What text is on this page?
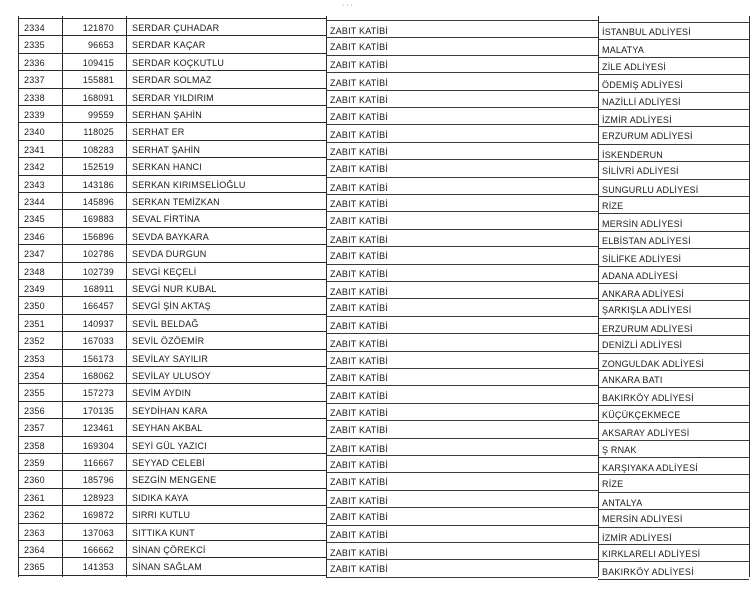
· · ·
2334	121870 SERDAR ÇUHADAR	ZABIT KATİBİ	İSTANBUL ADLİYESİ
2335	96653 SERDAR KAÇAR	ZABIT KATİBİ	MALATYA
2336	109415 SERDAR KOÇKUTLU	ZABIT KATİBİ	ZİLE ADLİYESİ
2337	155881 SERDAR SOLMAZ	ZABIT KATİBİ	ÖDEMİŞ ADLİYESİ
2338	168091 SERDAR YILDIRIM	ZABIT KATİBİ	NAZİLLİ ADLİYESİ
2339	99559 SERHAN ŞAHİN	ZABIT KATİBİ	İZMİR ADLİYESİ
2340	118025 SERHAT ER	ZABIT KATİBİ	ERZURUM ADLİYESİ
2341	108283 SERHAT ŞAHİN	ZABIT KATİBİ	İSKENDERUN
2342	152519 SERKAN HANCI	ZABIT KATİBİ	SİLİVRİ ADLİYESİ
2343	143186 SERKAN KIRIMSELİOĞLU	ZABIT KATİBİ	SUNGURLU ADLİYESİ
2344	145896 SERKAN TEMİZKAN	ZABIT KATİBİ	RİZE
2345	169883 SEVAL FİRTİNA	ZABIT KATİBİ	MERSİN ADLİYESİ
2346	156896 SEVDA BAYKARA	ZABIT KATİBİ	ELBİSTAN ADLİYESİ
2347	102786 SEVDA DURGUN	ZABIT KATİBİ	SİLİFKE ADLİYESİ
2348	102739 SEVGİ KEÇELİ	ZABIT KATİBİ	ADANA ADLİYESİ
2349	168911 SEVGİ NUR KUBAL	ZABIT KATİBİ	ANKARA ADLİYESİ
2350	166457 SEVGİ ŞİN AKTAŞ	ZABIT KATİBİ	ŞARKIŞLA ADLİYESİ
2351	140937 SEVİL BELDAĞ	ZABIT KATİBİ	ERZURUM ADLİYESİ
2352	167033 SEVİL ÖZÖEMİR	ZABIT KATİBİ	DENİZLİ ADLİYESİ
2353	156173 SEVİLAY SAYILIR	ZABIT KATİBİ	ZONGULDAK ADLİYESİ
2354	168062 SEVİLAY ULUSOY	ZABIT KATİBİ	ANKARA BATI
2355	157273 SEVİM AYDIN	ZABIT KATİBİ	BAKIRKÖY ADLİYESİ
2356	170135 SEYDİHAN KARA	ZABIT KATİBİ	KÜÇÜKÇEKMECE
2357	123461 SEYHAN AKBAL	ZABIT KATİBİ	AKSARAY ADLİYESİ
2358	169304 SEYİ GÜL YAZICI	ZABIT KATİBİ	Ş RNAK
2359	116667 SEYYAD CELEBİ	ZABIT KATİBİ	KARŞIYAKA ADLİYESİ
2360	185796 SEZGİN MENGENE	ZABIT KATİBİ	RİZE
2361	128923 SIDIKA KAYA	ZABIT KATİBİ	ANTALYA
2362	169872 SIRRI KUTLU	ZABIT KATİBİ	MERSİN ADLİYESİ
2363	137063 SITTIKA KUNT	ZABIT KATİBİ	İZMİR ADLİYESİ
2364	166662 SİNAN ÇÖREKCİ	ZABIT KATİBİ	KIRKLARELI ADLİYESİ
2365	141353 SİNAN SAĞLAM	ZABIT KATİBİ	BAKIRKÖY ADLİYESİ
